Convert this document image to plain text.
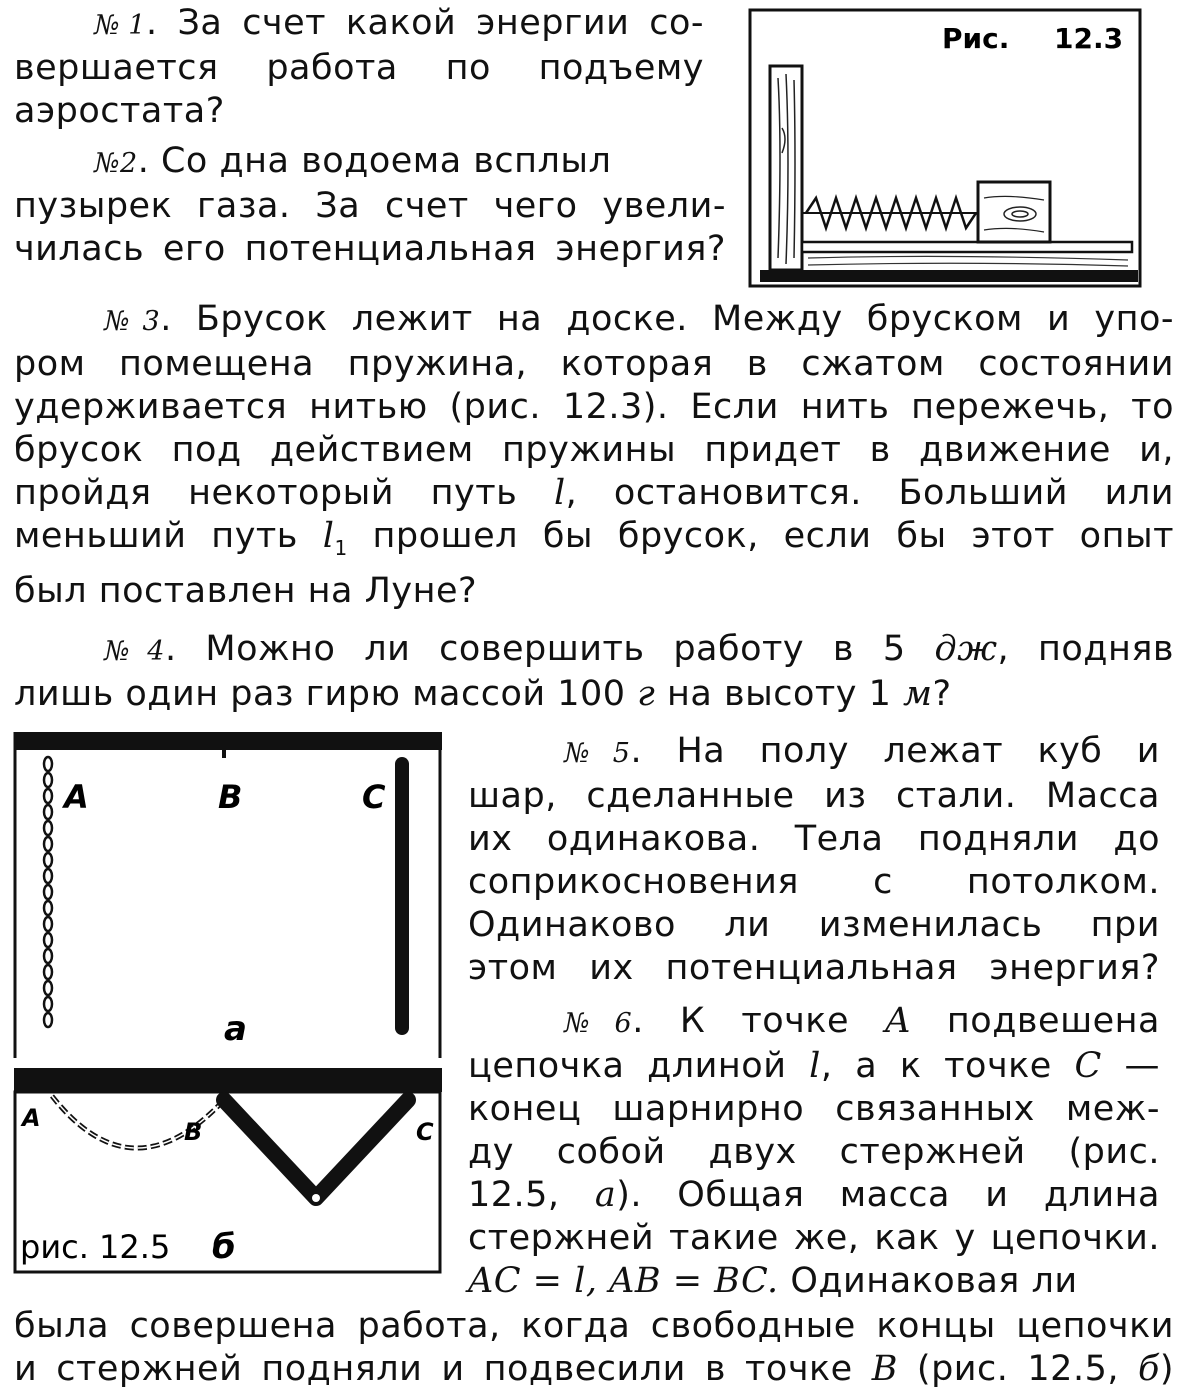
№1. За счет какой энергии со-
вершается работа по подъему
аэростата?
№2. Со дна водоема всплыл
пузырек газа. За счет чего увели-
чилась его потенциальная энергия?
Рис. 12.3
№3. Брусок лежит на доске. Между бруском и упо-
ром помещена пружина, которая в сжатом состоянии
удерживается нитью (рис. 12.3). Если нить пережечь, то
брусок под действием пружины придет в движение и,
пройдя некоторый путь l, остановится. Больший или
меньший путь $l_1$ прошел бы брусок, если бы этот опыт
был поставлен на Луне?
№4. Можно ли совершить работу в 5 дж, подняв
лишь один раз гирю массой 100 г на высоту 1 м?
A	B	C
a
A	B	C
рис. 12.5 б
№5. На полу лежат куб и
шар, сделанные из стали. Масса
их одинакова. Тела подняли до
соприкосновения с потолком.
Одинаково ли изменилась при
этом их потенциальная энергия?
№6. К точке A подвешена
цепочка длиной l, а к точке C —
конец шарнирно связанных меж-
ду собой двух стержней (рис.
12.5, a). Общая масса и длина
стержней такие же, как у цепочки.
AC = l, AB = BC. Одинаковая ли
была совершена работа, когда свободные концы цепочки
и стержней подняли и подвесили в точке B (рис. 12.5, б)
